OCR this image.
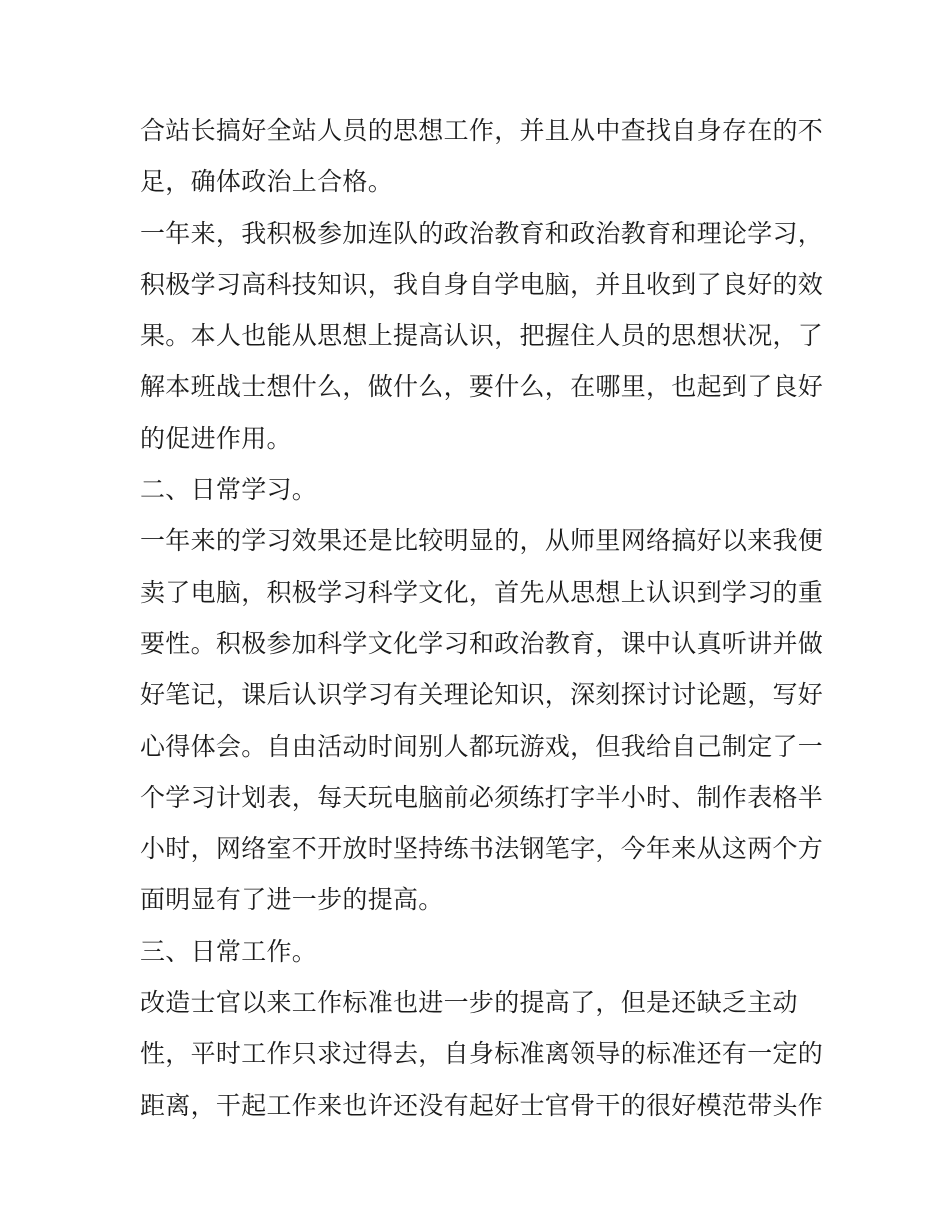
合站长搞好全站人员的思想工作，并且从中查找自身存在的不
足，确体政治上合格。
一年来，我积极参加连队的政治教育和政治教育和理论学习，
积极学习高科技知识，我自身自学电脑，并且收到了良好的效
果。本人也能从思想上提高认识，把握住人员的思想状况，了
解本班战士想什么，做什么，要什么，在哪里，也起到了良好
的促进作用。
二、日常学习。
一年来的学习效果还是比较明显的，从师里网络搞好以来我便
卖了电脑，积极学习科学文化，首先从思想上认识到学习的重
要性。积极参加科学文化学习和政治教育，课中认真听讲并做
好笔记，课后认识学习有关理论知识，深刻探讨讨论题，写好
心得体会。自由活动时间别人都玩游戏，但我给自己制定了一
个学习计划表，每天玩电脑前必须练打字半小时、制作表格半
小时，网络室不开放时坚持练书法钢笔字，今年来从这两个方
面明显有了进一步的提高。
三、日常工作。
改造士官以来工作标准也进一步的提高了，但是还缺乏主动
性，平时工作只求过得去，自身标准离领导的标准还有一定的
距离，干起工作来也许还没有起好士官骨干的很好模范带头作
